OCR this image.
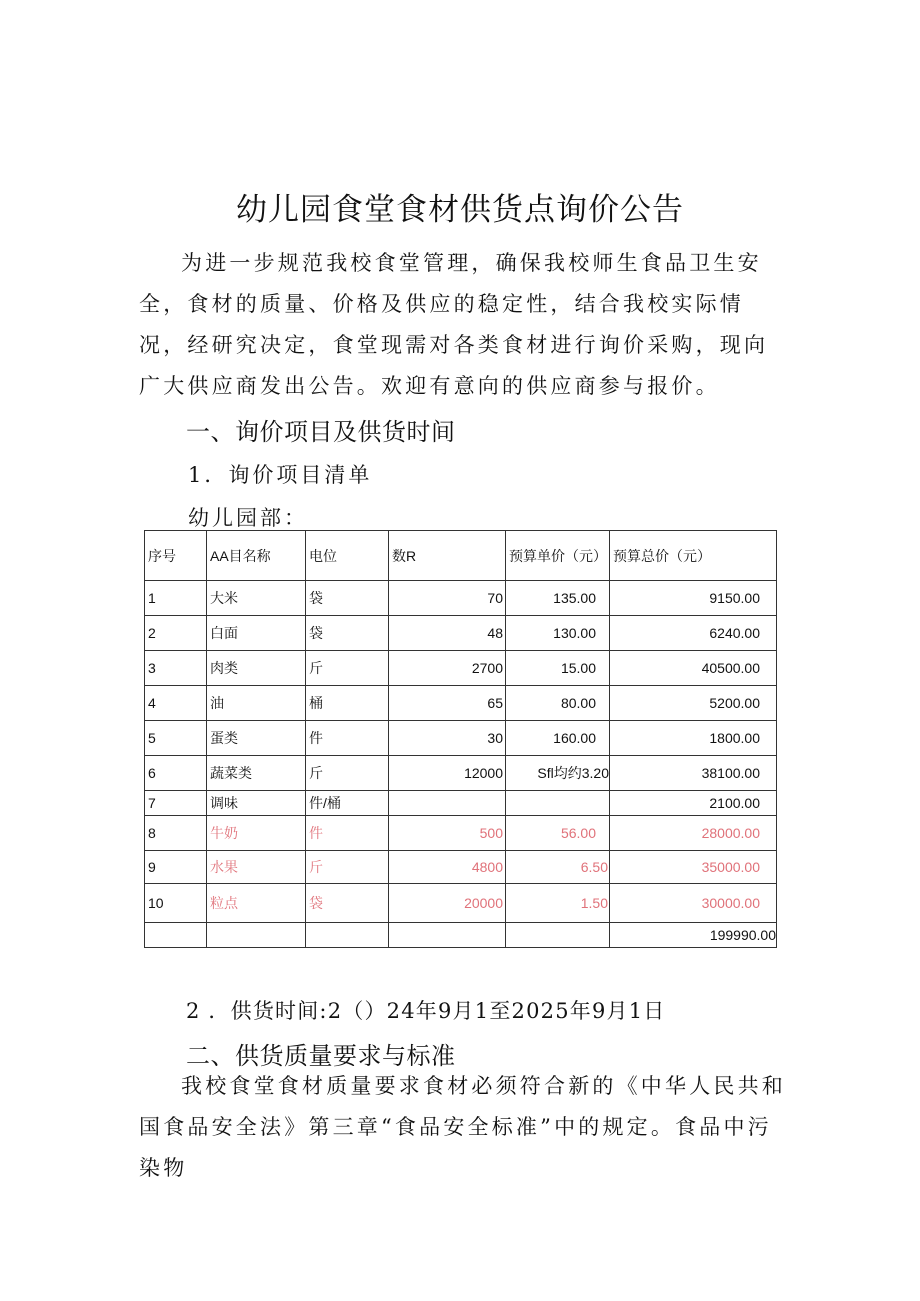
幼儿园食堂食材供货点询价公告
为进一步规范我校食堂管理，确保我校师生食品卫生安全，食材的质量、价格及供应的稳定性，结合我校实际情况，经研究决定，食堂现需对各类食材进行询价采购，现向广大供应商发出公告。欢迎有意向的供应商参与报价。
一、询价项目及供货时间
1．询价项目清单
幼儿园部：
序号	AA目名称	电位	数R	预算单价（元）	预算总价（元）
1	大米	袋	70	135.00	9150.00
2	白面	袋	48	130.00	6240.00
3	肉类	斤	2700	15.00	40500.00
4	油	桶	65	80.00	5200.00
5	蛋类	件	30	160.00	1800.00
6	蔬菜类	斤	12000	Sfl均约3.20	38100.00
7	调味	件/桶			2100.00
8	牛奶	件	500	56.00	28000.00
9	水果	斤	4800	6.50	35000.00
10	粒点	袋	20000	1.50	30000.00
					199990.00
2 ．供货时间:2（）24年9月1至2025年9月1日
二、供货质量要求与标准
我校食堂食材质量要求食材必须符合新的《中华人民共和国食品安全法》第三章“食品安全标准”中的规定。食品中污染物
